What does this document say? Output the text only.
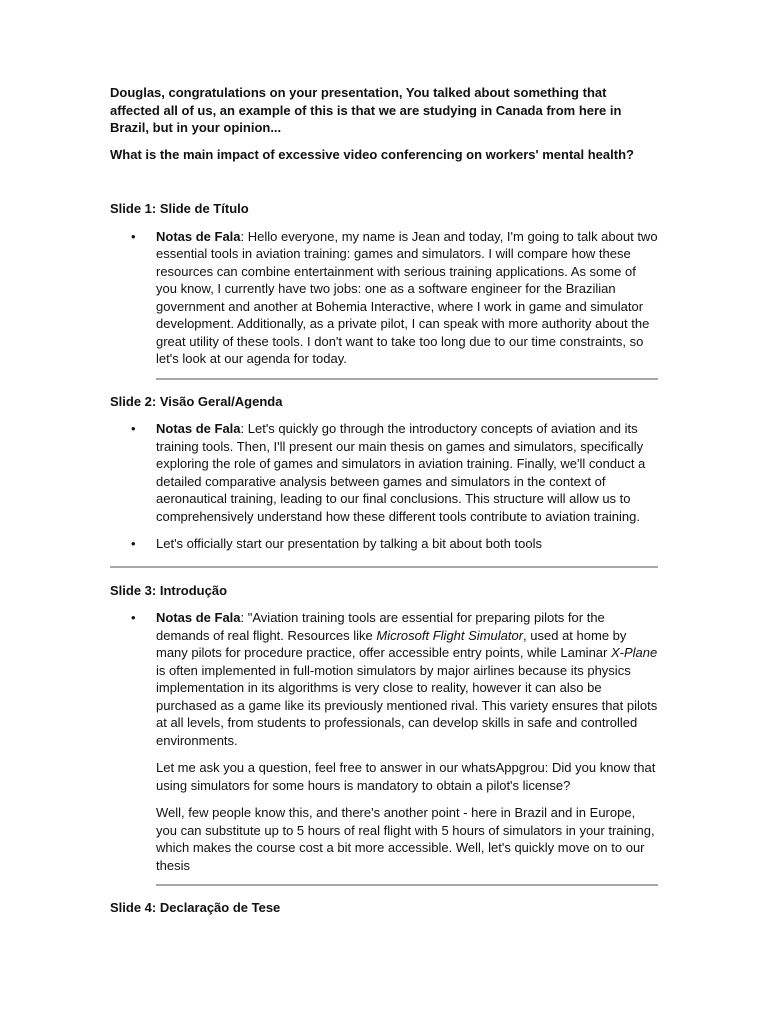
Douglas, congratulations on your presentation, You talked about something that affected all of us, an example of this is that we are studying in Canada from here in Brazil, but in your opinion...

What is the main impact of excessive video conferencing on workers' mental health?

Slide 1: Slide de Título

• Notas de Fala: Hello everyone, my name is Jean and today, I'm going to talk about two essential tools in aviation training: games and simulators. I will compare how these resources can combine entertainment with serious training applications. As some of you know, I currently have two jobs: one as a software engineer for the Brazilian government and another at Bohemia Interactive, where I work in game and simulator development. Additionally, as a private pilot, I can speak with more authority about the great utility of these tools. I don't want to take too long due to our time constraints, so let's look at our agenda for today.

Slide 2: Visão Geral/Agenda

• Notas de Fala: Let's quickly go through the introductory concepts of aviation and its training tools. Then, I'll present our main thesis on games and simulators, specifically exploring the role of games and simulators in aviation training. Finally, we'll conduct a detailed comparative analysis between games and simulators in the context of aeronautical training, leading to our final conclusions. This structure will allow us to comprehensively understand how these different tools contribute to aviation training.
• Let's officially start our presentation by talking a bit about both tools

Slide 3: Introdução

• Notas de Fala: "Aviation training tools are essential for preparing pilots for the demands of real flight. Resources like Microsoft Flight Simulator, used at home by many pilots for procedure practice, offer accessible entry points, while Laminar X-Plane is often implemented in full-motion simulators by major airlines because its physics implementation in its algorithms is very close to reality, however it can also be purchased as a game like its previously mentioned rival. This variety ensures that pilots at all levels, from students to professionals, can develop skills in safe and controlled environments.

Let me ask you a question, feel free to answer in our whatsAppgrou: Did you know that using simulators for some hours is mandatory to obtain a pilot's license?

Well, few people know this, and there's another point - here in Brazil and in Europe, you can substitute up to 5 hours of real flight with 5 hours of simulators in your training, which makes the course cost a bit more accessible. Well, let's quickly move on to our thesis

Slide 4: Declaração de Tese
